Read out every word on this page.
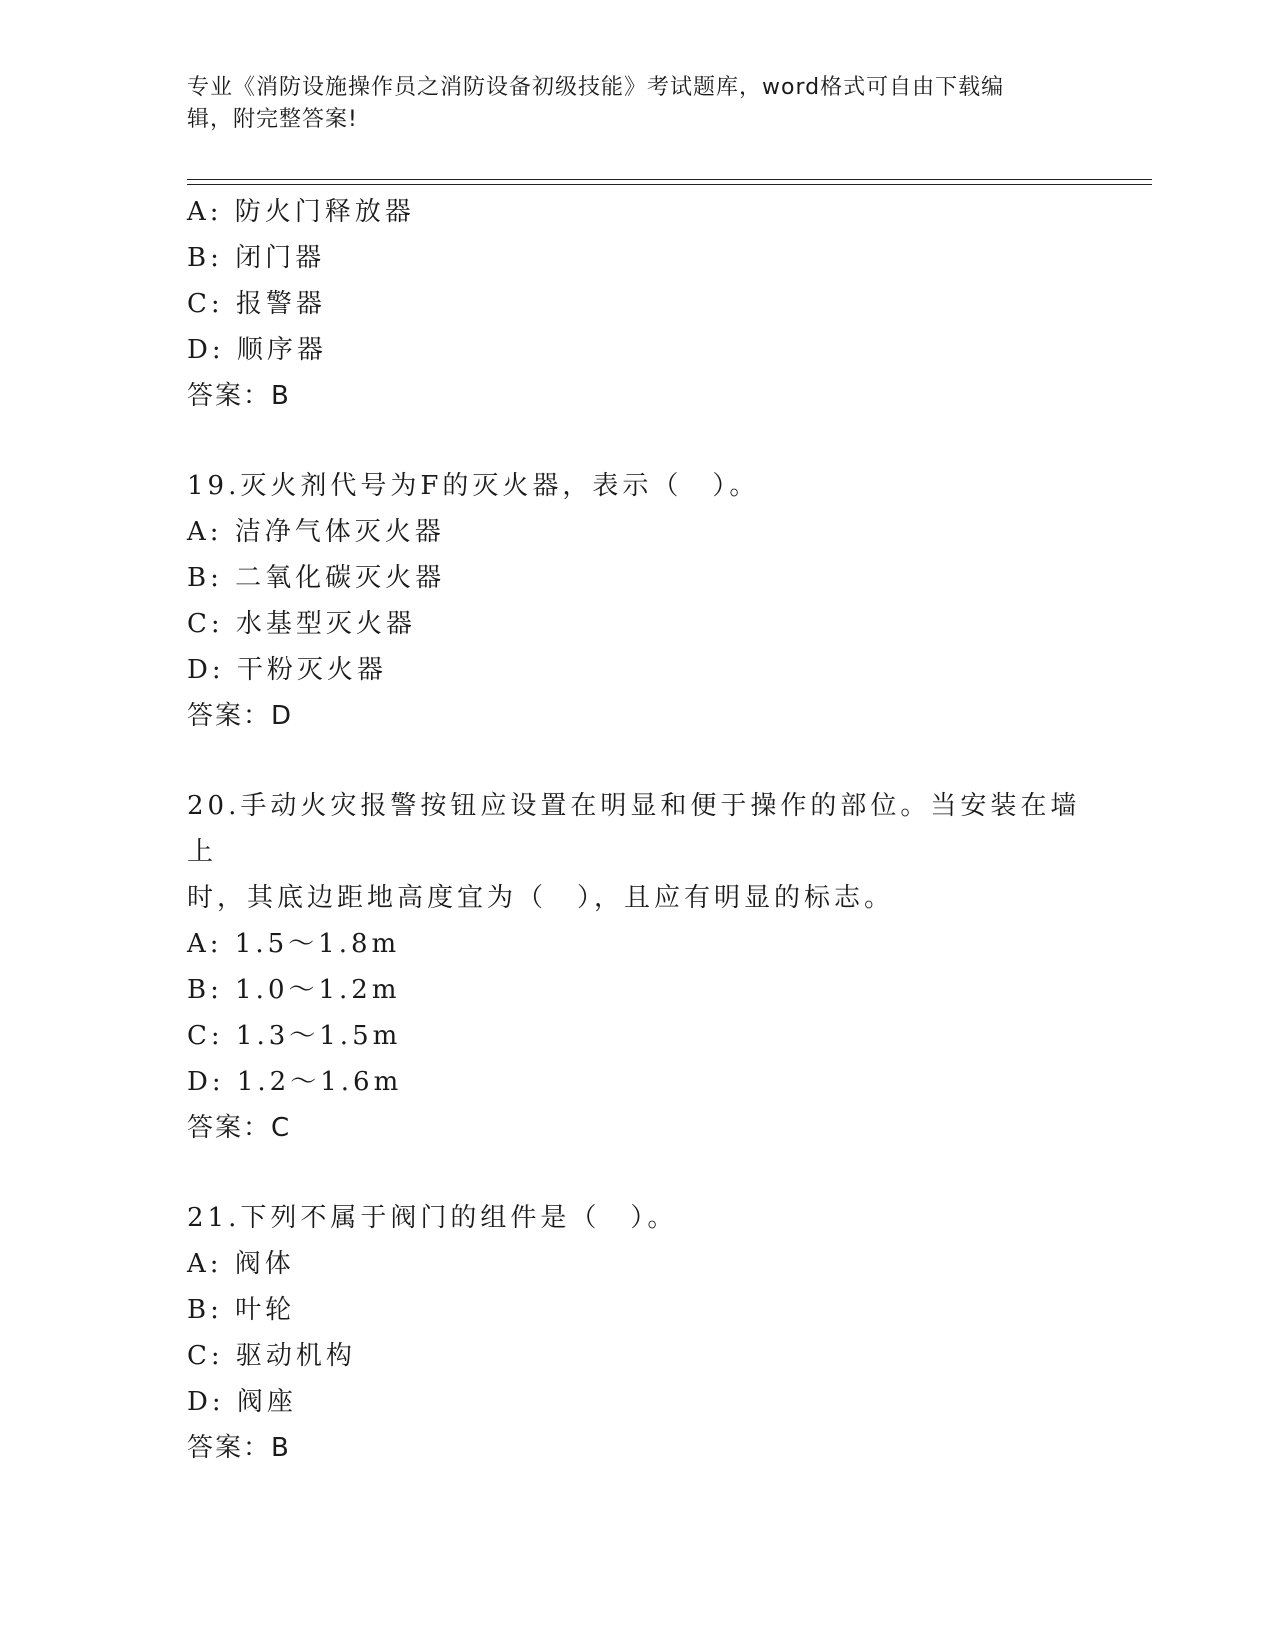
专业《消防设施操作员之消防设备初级技能》考试题库，word格式可自由下载编
辑，附完整答案!
A: 防火门释放器
B: 闭门器
C: 报警器
D: 顺序器
答案：B
19.灭火剂代号为F的灭火器，表示（　）。
A: 洁净气体灭火器
B: 二氧化碳灭火器
C: 水基型灭火器
D: 干粉灭火器
答案：D
20.手动火灾报警按钮应设置在明显和便于操作的部位。当安装在墙上
时，其底边距地高度宜为（　），且应有明显的标志。
A: 1.5～1.8m
B: 1.0～1.2m
C: 1.3～1.5m
D: 1.2～1.6m
答案：C
21.下列不属于阀门的组件是（　）。
A: 阀体
B: 叶轮
C: 驱动机构
D: 阀座
答案：B
